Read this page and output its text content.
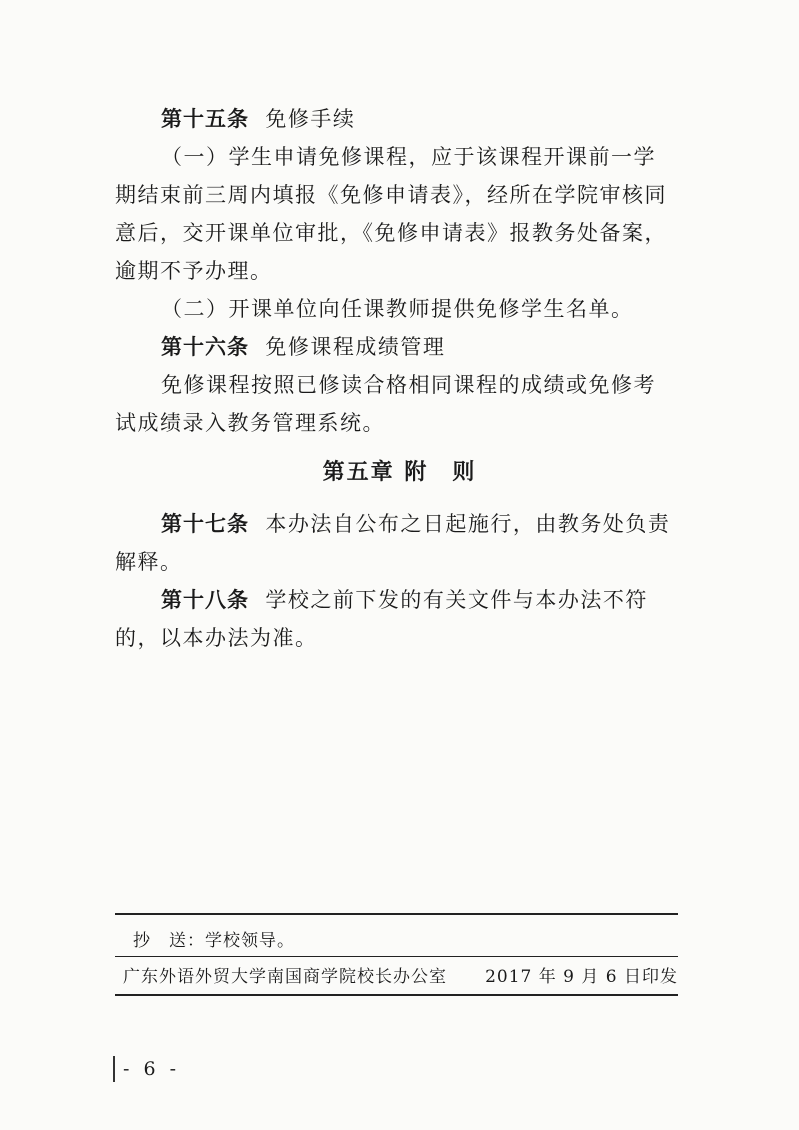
第十五条 免修手续

（一）学生申请免修课程，应于该课程开课前一学期结束前三周内填报《免修申请表》，经所在学院审核同意后，交开课单位审批，《免修申请表》报教务处备案，逾期不予办理。

（二）开课单位向任课教师提供免修学生名单。

第十六条 免修课程成绩管理

免修课程按照已修读合格相同课程的成绩或免修考试成绩录入教务管理系统。

第五章 附　则

第十七条 本办法自公布之日起施行，由教务处负责解释。

第十八条 学校之前下发的有关文件与本办法不符的，以本办法为准。

抄　送：学校领导。
广东外语外贸大学南国商学院校长办公室 2017 年 9 月 6 日印发
- 6 -
